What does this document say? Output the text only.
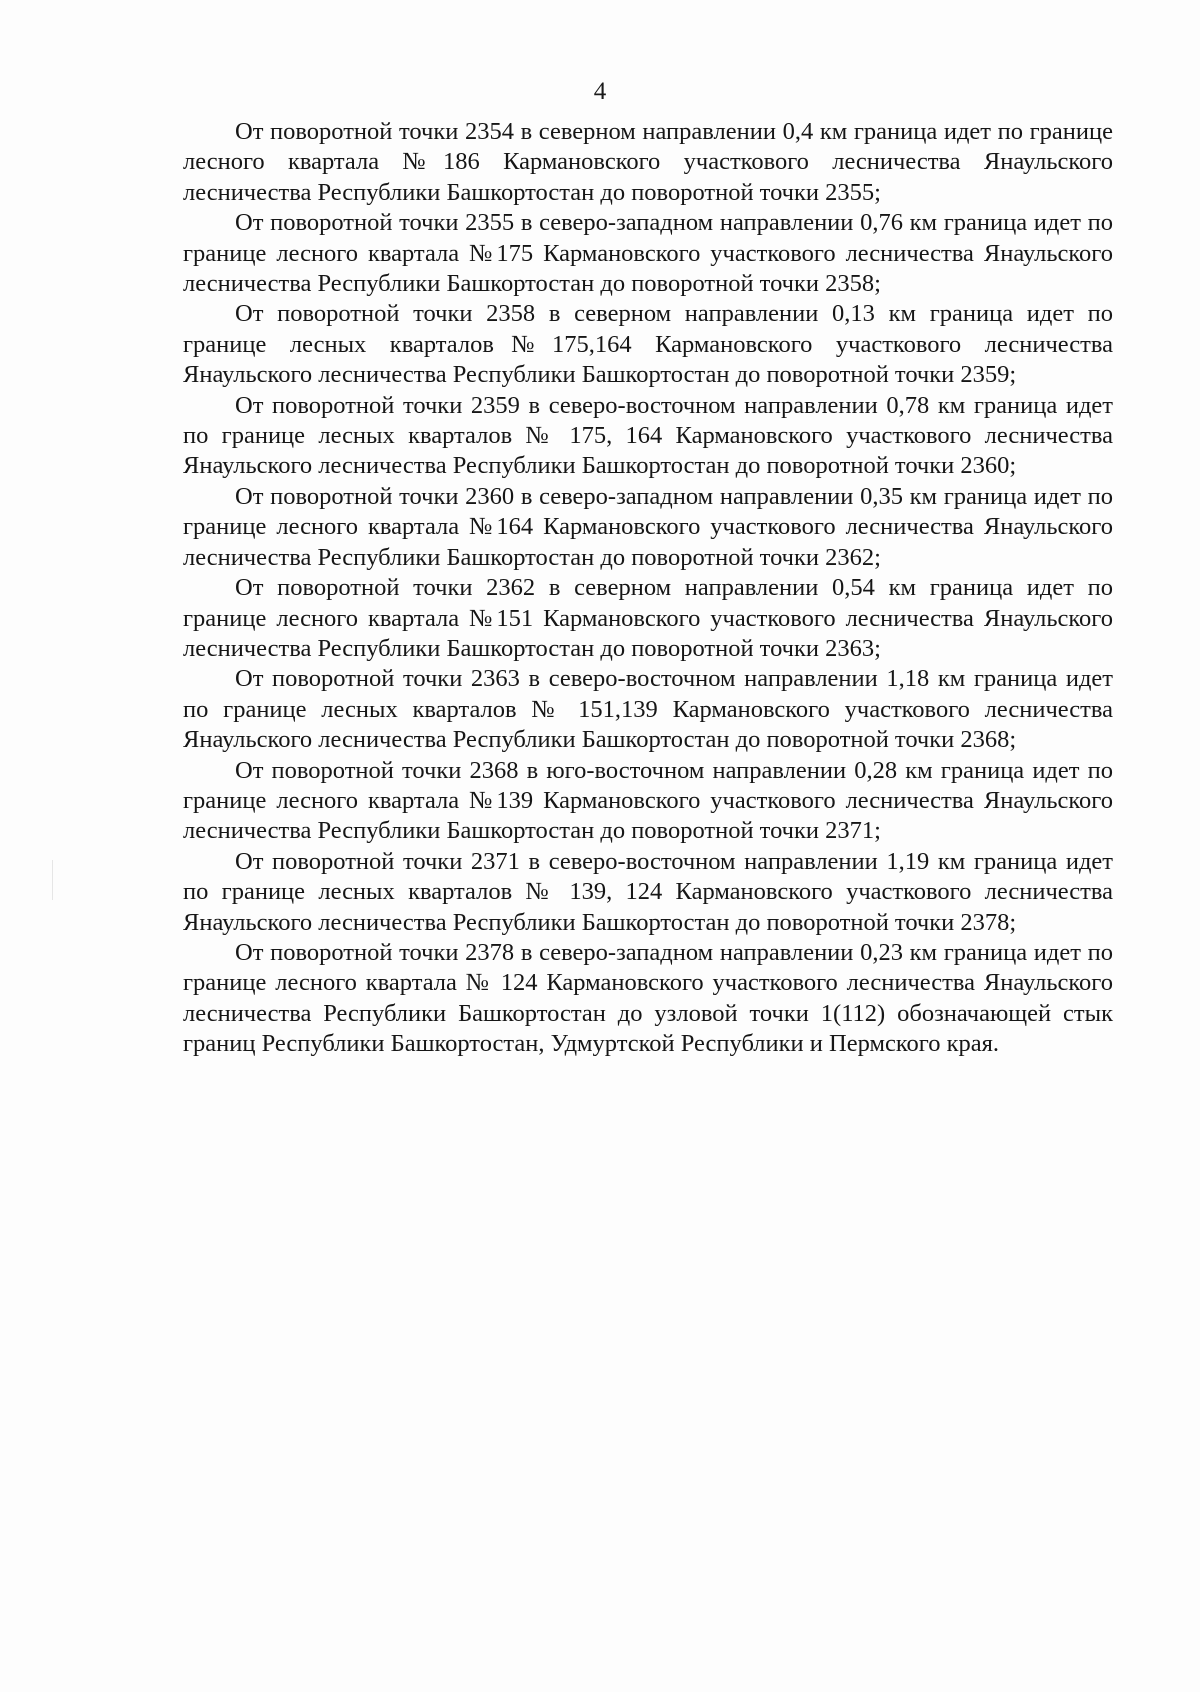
4

От поворотной точки 2354 в северном направлении 0,4 км граница идет по границе лесного квартала №186 Кармановского участкового лесничества Янаульского лесничества Республики Башкортостан до поворотной точки 2355;

От поворотной точки 2355 в северо-западном направлении 0,76 км граница идет по границе лесного квартала №175 Кармановского участкового лесничества Янаульского лесничества Республики Башкортостан до поворотной точки 2358;

От поворотной точки 2358 в северном направлении 0,13 км граница идет по границе лесных кварталов№175,164 Кармановского участкового лесничества Янаульского лесничества Республики Башкортостан до поворотной точки 2359;

От поворотной точки 2359 в северо-восточном направлении 0,78 км граница идет по границе лесных кварталов № 175, 164 Кармановского участкового лесничества Янаульского лесничества Республики Башкортостан до поворотной точки 2360;

От поворотной точки 2360 в северо-западном направлении 0,35 км граница идет по границе лесного квартала №164 Кармановского участкового лесничества Янаульского лесничества Республики Башкортостан до поворотной точки 2362;

От поворотной точки 2362 в северном направлении 0,54 км граница идет по границе лесного квартала №151 Кармановского участкового лесничества Янаульского лесничества Республики Башкортостан до поворотной точки 2363;

От поворотной точки 2363 в северо-восточном направлении 1,18 км граница идет по границе лесных кварталов № 151,139 Кармановского участкового лесничества Янаульского лесничества Республики Башкортостан до поворотной точки 2368;

От поворотной точки 2368 в юго-восточном направлении 0,28 км граница идет по границе лесного квартала №139 Кармановского участкового лесничества Янаульского лесничества Республики Башкортостан до поворотной точки 2371;

От поворотной точки 2371 в северо-восточном направлении 1,19 км граница идет по границе лесных кварталов № 139, 124 Кармановского участкового лесничества Янаульского лесничества Республики Башкортостан до поворотной точки 2378;

От поворотной точки 2378 в северо-западном направлении 0,23 км граница идет по границе лесного квартала № 124 Кармановского участкового лесничества Янаульского лесничества Республики Башкортостан до узловой точки 1(112) обозначающей стык границ Республики Башкортостан, Удмуртской Республики и Пермского края.
